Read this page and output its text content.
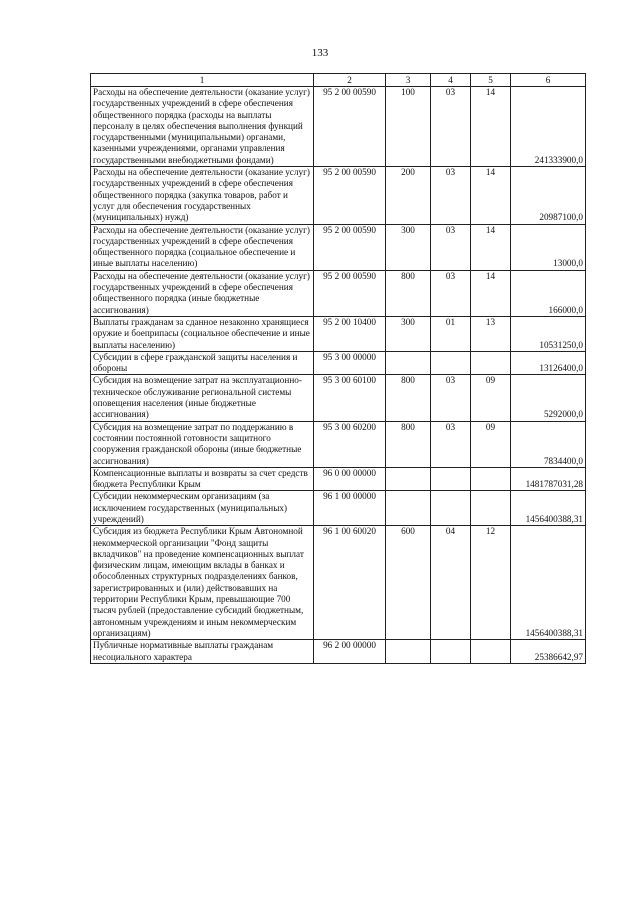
133
1	2	3	4	5	6
Расходы на обеспечение деятельности (оказание услуг) государственных учреждений в сфере обеспечения общественного порядка (расходы на выплаты персоналу в целях обеспечения выполнения функций государственными (муниципальными) органами, казенными учреждениями, органами управления государственными внебюджетными фондами)	95 2 00 00590	100	03	14	241333900,0
Расходы на обеспечение деятельности (оказание услуг) государственных учреждений в сфере обеспечения общественного порядка (закупка товаров, работ и услуг для обеспечения государственных (муниципальных) нужд)	95 2 00 00590	200	03	14	20987100,0
Расходы на обеспечение деятельности (оказание услуг) государственных учреждений в сфере обеспечения общественного порядка (социальное обеспечение и иные выплаты населению)	95 2 00 00590	300	03	14	13000,0
Расходы на обеспечение деятельности (оказание услуг) государственных учреждений в сфере обеспечения общественного порядка (иные бюджетные ассигнования)	95 2 00 00590	800	03	14	166000,0
Выплаты гражданам за сданное незаконно хранящиеся оружие и боеприпасы (социальное обеспечение и иные выплаты населению)	95 2 00 10400	300	01	13	10531250,0
Субсидии в сфере гражданской защиты населения и обороны	95 3 00 00000				13126400,0
Субсидия на возмещение затрат на эксплуатационно-техническое обслуживание региональной системы оповещения населения (иные бюджетные ассигнования)	95 3 00 60100	800	03	09	5292000,0
Субсидия на возмещение затрат по поддержанию в состоянии постоянной готовности защитного сооружения гражданской обороны (иные бюджетные ассигнования)	95 3 00 60200	800	03	09	7834400,0
Компенсационные выплаты и возвраты за счет средств бюджета Республики Крым	96 0 00 00000				1481787031,28
Субсидии некоммерческим организациям (за исключением государственных (муниципальных) учреждений)	96 1 00 00000				1456400388,31
Субсидия из бюджета Республики Крым Автономной некоммерческой организации "Фонд защиты вкладчиков" на проведение компенсационных выплат физическим лицам, имеющим вклады в банках и обособленных структурных подразделениях банков, зарегистрированных и (или) действовавших на территории Республики Крым, превышающие 700 тысяч рублей (предоставление субсидий бюджетным, автономным учреждениям и иным некоммерческим организациям)	96 1 00 60020	600	04	12	1456400388,31
Публичные нормативные выплаты гражданам несоциального характера	96 2 00 00000				25386642,97
